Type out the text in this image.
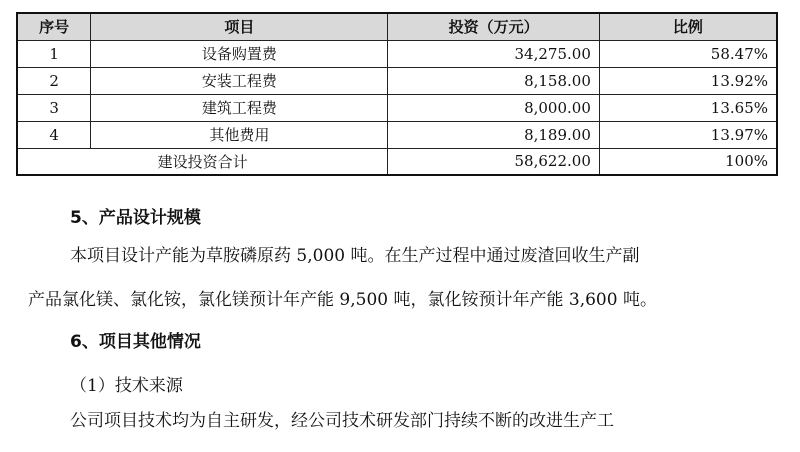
序号	项目	投资（万元）	比例
1	设备购置费	34,275.00	58.47%
2	安装工程费	8,158.00	13.92%
3	建筑工程费	8,000.00	13.65%
4	其他费用	8,189.00	13.97%
建设投资合计		58,622.00	100%
5、产品设计规模
本项目设计产能为草胺磷原药 5,000 吨。在生产过程中通过废渣回收生产副
产品氯化镁、氯化铵，氯化镁预计年产能 9,500 吨，氯化铵预计年产能 3,600 吨。
6、项目其他情况
（1）技术来源
公司项目技术均为自主研发，经公司技术研发部门持续不断的改进生产工
